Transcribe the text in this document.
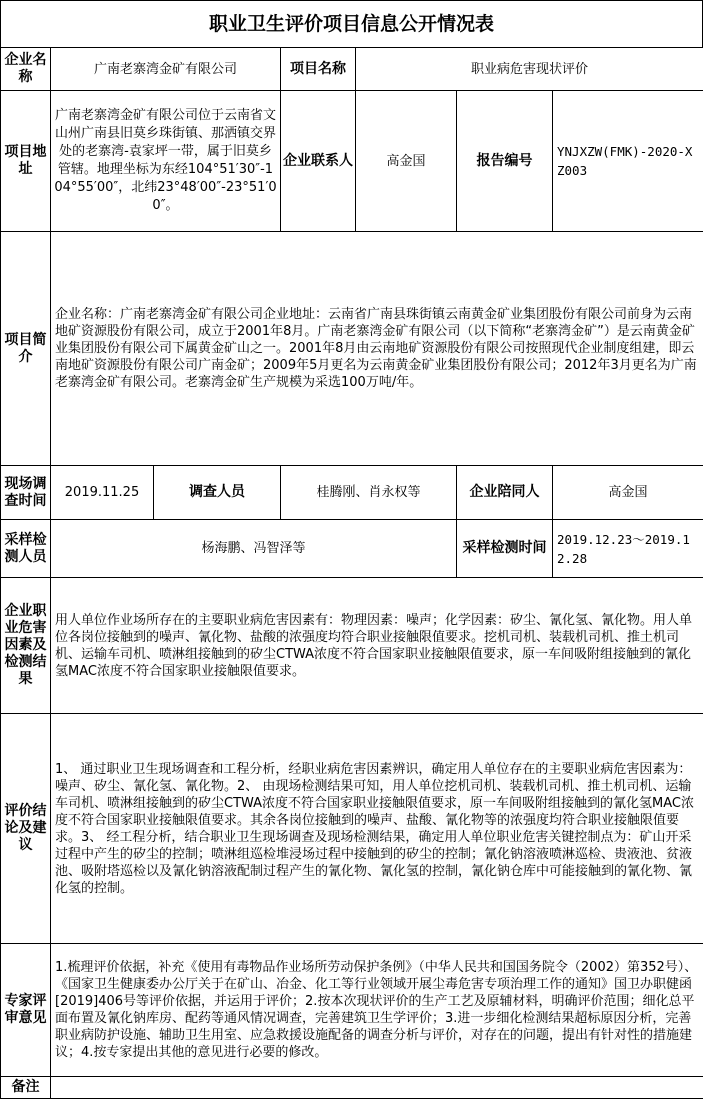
职业卫生评价项目信息公开情况表
企业名称	广南老寨湾金矿有限公司		项目名称	职业病危害现状评价		
项目地址	广南老寨湾金矿有限公司位于云南省文山州广南县旧莫乡珠街镇、那洒镇交界处的老寨湾-袁家坪一带，属于旧莫乡管辖。地理坐标为东经104°51′30″-104°55′00″，北纬23°48′00″-23°51′00″。		企业联系人	高金国	报告编号	YNJXZW(FMK)-2020-XZ003
项目简介	企业名称：广南老寨湾金矿有限公司企业地址：云南省广南县珠街镇云南黄金矿业集团股份有限公司前身为云南地矿资源股份有限公司，成立于2001年8月。广南老寨湾金矿有限公司（以下简称“老寨湾金矿”）是云南黄金矿业集团股份有限公司下属黄金矿山之一。2001年8月由云南地矿资源股份有限公司按照现代企业制度组建，即云南地矿资源股份有限公司广南金矿；2009年5月更名为云南黄金矿业集团股份有限公司；2012年3月更名为广南老寨湾金矿有限公司。老寨湾金矿生产规模为采选100万吨/年。					
现场调查时间	2019.11.25	调查人员	桂腾刚、肖永权等		企业陪同人	高金国
采样检测人员	杨海鹏、冯智泽等				采样检测时间	2019.12.23～2019.12.28
企业职业危害因素及检测结果	用人单位作业场所存在的主要职业病危害因素有：物理因素：噪声；化学因素：矽尘、氰化氢、氰化物。用人单位各岗位接触到的噪声、氰化物、盐酸的浓强度均符合职业接触限值要求。挖机司机、装载机司机、推土机司机、运输车司机、喷淋组接触到的矽尘CTWA浓度不符合国家职业接触限值要求，原一车间吸附组接触到的氰化氢MAC浓度不符合国家职业接触限值要求。					
评价结论及建议	1、 通过职业卫生现场调查和工程分析，经职业病危害因素辨识，确定用人单位存在的主要职业病危害因素为：噪声、矽尘、氰化氢、氰化物。2、 由现场检测结果可知，用人单位挖机司机、装载机司机、推土机司机、运输车司机、喷淋组接触到的矽尘CTWA浓度不符合国家职业接触限值要求，原一车间吸附组接触到的氰化氢MAC浓度不符合国家职业接触限值要求。其余各岗位接触到的噪声、盐酸、氰化物等的浓强度均符合职业接触限值要求。3、 经工程分析，结合职业卫生现场调查及现场检测结果，确定用人单位职业危害关键控制点为：矿山开采过程中产生的矽尘的控制；喷淋组巡检堆浸场过程中接触到的矽尘的控制；氰化钠溶液喷淋巡检、贵液池、贫液池、吸附塔巡检以及氰化钠溶液配制过程产生的氰化物、氰化氢的控制，氰化钠仓库中可能接触到的氰化物、氰化氢的控制。					
专家评审意见	1.梳理评价依据，补充《使用有毒物品作业场所劳动保护条例》（中华人民共和国国务院令（2002）第352号）、《国家卫生健康委办公厅关于在矿山、冶金、化工等行业领域开展尘毒危害专项治理工作的通知》国卫办职健函[2019]406号等评价依据，并运用于评价；2.按本次现状评价的生产工艺及原辅材料，明确评价范围；细化总平面布置及氰化钠库房、配药等通风情况调查，完善建筑卫生学评价；3.进一步细化检测结果超标原因分析，完善职业病防护设施、辅助卫生用室、应急救援设施配备的调查分析与评价，对存在的问题，提出有针对性的措施建议；4.按专家提出其他的意见进行必要的修改。					
备注						
